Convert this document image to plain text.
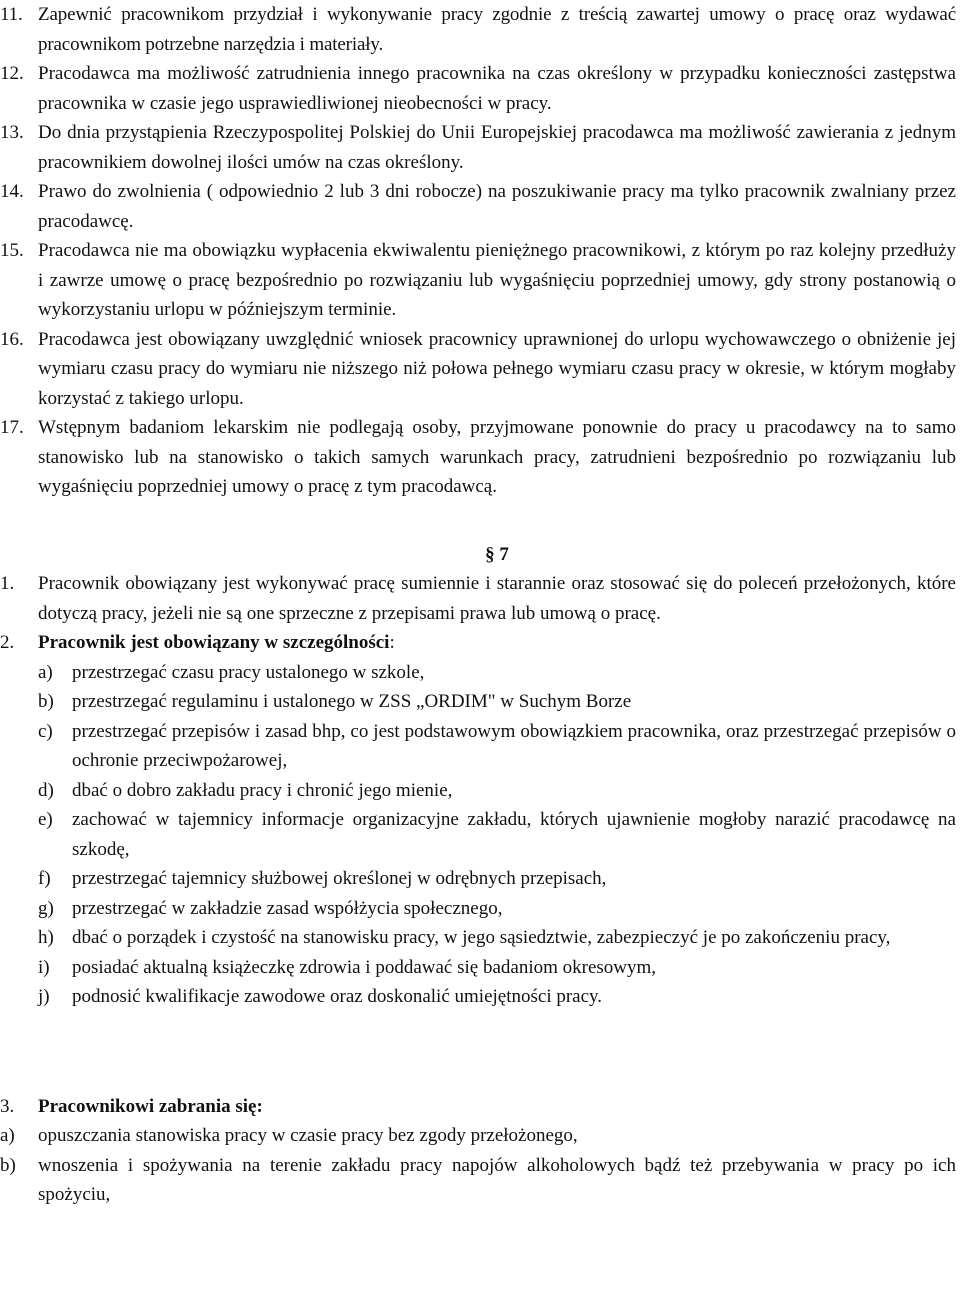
11. Zapewnić pracownikom przydział i wykonywanie pracy zgodnie z treścią zawartej umowy o pracę oraz wydawać pracownikom potrzebne narzędzia i materiały.
12. Pracodawca ma możliwość zatrudnienia innego pracownika na czas określony w przypadku konieczności zastępstwa pracownika w czasie jego usprawiedliwionej nieobecności w pracy.
13. Do dnia przystąpienia Rzeczypospolitej Polskiej do Unii Europejskiej pracodawca ma możliwość zawierania z jednym pracownikiem dowolnej ilości umów na czas określony.
14. Prawo do zwolnienia ( odpowiednio 2 lub 3 dni robocze) na poszukiwanie pracy ma tylko pracownik zwalniany przez pracodawcę.
15. Pracodawca nie ma obowiązku wypłacenia ekwiwalentu pieniężnego pracownikowi, z którym po raz kolejny przedłuży i zawrze umowę o pracę bezpośrednio po rozwiązaniu lub wygaśnięciu poprzedniej umowy, gdy strony postanowią o wykorzystaniu urlopu w późniejszym terminie.
16. Pracodawca jest obowiązany uwzględnić wniosek pracownicy uprawnionej do urlopu wychowawczego o obniżenie jej wymiaru czasu pracy do wymiaru nie niższego niż połowa pełnego wymiaru czasu pracy w okresie, w którym mogłaby korzystać z takiego urlopu.
17. Wstępnym badaniom lekarskim nie podlegają osoby, przyjmowane ponownie do pracy u pracodawcy na to samo stanowisko lub na stanowisko o takich samych warunkach pracy, zatrudnieni bezpośrednio po rozwiązaniu lub wygaśnięciu poprzedniej umowy o pracę z tym pracodawcą.
§ 7
1.	Pracownik obowiązany jest wykonywać pracę sumiennie i starannie oraz stosować się do poleceń przełożonych, które dotyczą pracy, jeżeli nie są one sprzeczne z przepisami prawa lub umową o pracę.
2.	Pracownik jest obowiązany w szczególności:
a)	przestrzegać czasu pracy ustalonego w szkole,
b) przestrzegać regulaminu i ustalonego w ZSS „ORDIM" w Suchym Borze
c)	przestrzegać przepisów i zasad bhp, co jest podstawowym obowiązkiem pracownika, oraz przestrzegać przepisów o ochronie przeciwpożarowej,
d) dbać o dobro zakładu pracy i chronić jego mienie,
e)	zachować w tajemnicy informacje organizacyjne zakładu, których ujawnienie mogłoby narazić pracodawcę na szkodę,
f)	przestrzegać tajemnicy służbowej określonej w odrębnych przepisach,
g) przestrzegać w zakładzie zasad współżycia społecznego,
h) dbać o porządek i czystość na stanowisku pracy, w jego sąsiedztwie, zabezpieczyć je po zakończeniu pracy,
i)	posiadać aktualną książeczkę zdrowia i poddawać się badaniom okresowym,
j)	podnosić kwalifikacje zawodowe oraz doskonalić umiejętności pracy.
3.	Pracownikowi zabrania się:
a)	opuszczania stanowiska pracy w czasie pracy bez zgody przełożonego,
b)	wnoszenia i spożywania na terenie zakładu pracy napojów alkoholowych bądź też przebywania w pracy po ich spożyciu,
